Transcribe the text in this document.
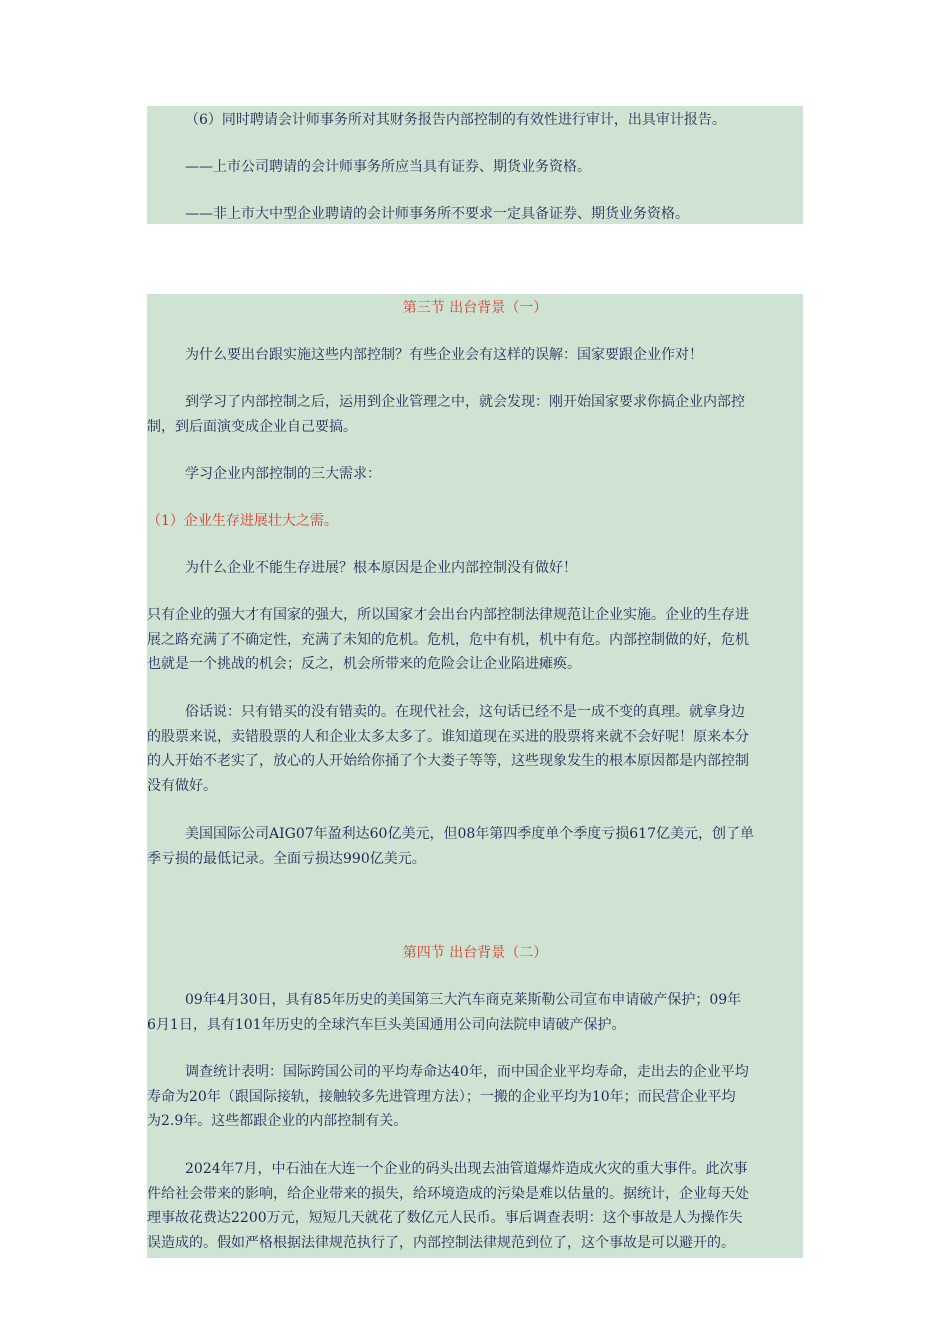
（6）同时聘请会计师事务所对其财务报告内部控制的有效性进行审计，出具审计报告。

——上市公司聘请的会计师事务所应当具有证券、期货业务资格。

——非上市大中型企业聘请的会计师事务所不要求一定具备证券、期货业务资格。

第三节 出台背景（一）

为什么要出台跟实施这些内部控制？有些企业会有这样的误解：国家要跟企业作对！

到学习了内部控制之后，运用到企业管理之中，就会发现：刚开始国家要求你搞企业内部控
制，到后面演变成企业自己要搞。

学习企业内部控制的三大需求：

（1）企业生存进展壮大之需。

为什么企业不能生存进展？根本原因是企业内部控制没有做好！

只有企业的强大才有国家的强大，所以国家才会出台内部控制法律规范让企业实施。企业的生存进
展之路充满了不确定性，充满了未知的危机。危机，危中有机，机中有危。内部控制做的好，危机
也就是一个挑战的机会；反之，机会所带来的危险会让企业陷进瘫痪。

俗话说：只有错买的没有错卖的。在现代社会，这句话已经不是一成不变的真理。就拿身边
的股票来说，卖错股票的人和企业太多太多了。谁知道现在买进的股票将来就不会好呢！原来本分
的人开始不老实了，放心的人开始给你捅了个大娄子等等，这些现象发生的根本原因都是内部控制
没有做好。

美国国际公司AIG07年盈利达60亿美元，但08年第四季度单个季度亏损617亿美元，创了单
季亏损的最低记录。全面亏损达990亿美元。

第四节 出台背景（二）

09年4月30日，具有85年历史的美国第三大汽车商克莱斯勒公司宣布申请破产保护；09年
6月1日，具有101年历史的全球汽车巨头美国通用公司向法院申请破产保护。

调查统计表明：国际跨国公司的平均寿命达40年，而中国企业平均寿命，走出去的企业平均
寿命为20年（跟国际接轨，接触较多先进管理方法）；一搬的企业平均为10年；而民营企业平均
为2.9年。这些都跟企业的内部控制有关。

2024年7月，中石油在大连一个企业的码头出现去油管道爆炸造成火灾的重大事件。此次事
件给社会带来的影响，给企业带来的损失，给环境造成的污染是难以估量的。据统计，企业每天处
理事故花费达2200万元，短短几天就花了数亿元人民币。事后调查表明：这个事故是人为操作失
误造成的。假如严格根据法律规范执行了，内部控制法律规范到位了，这个事故是可以避开的。
